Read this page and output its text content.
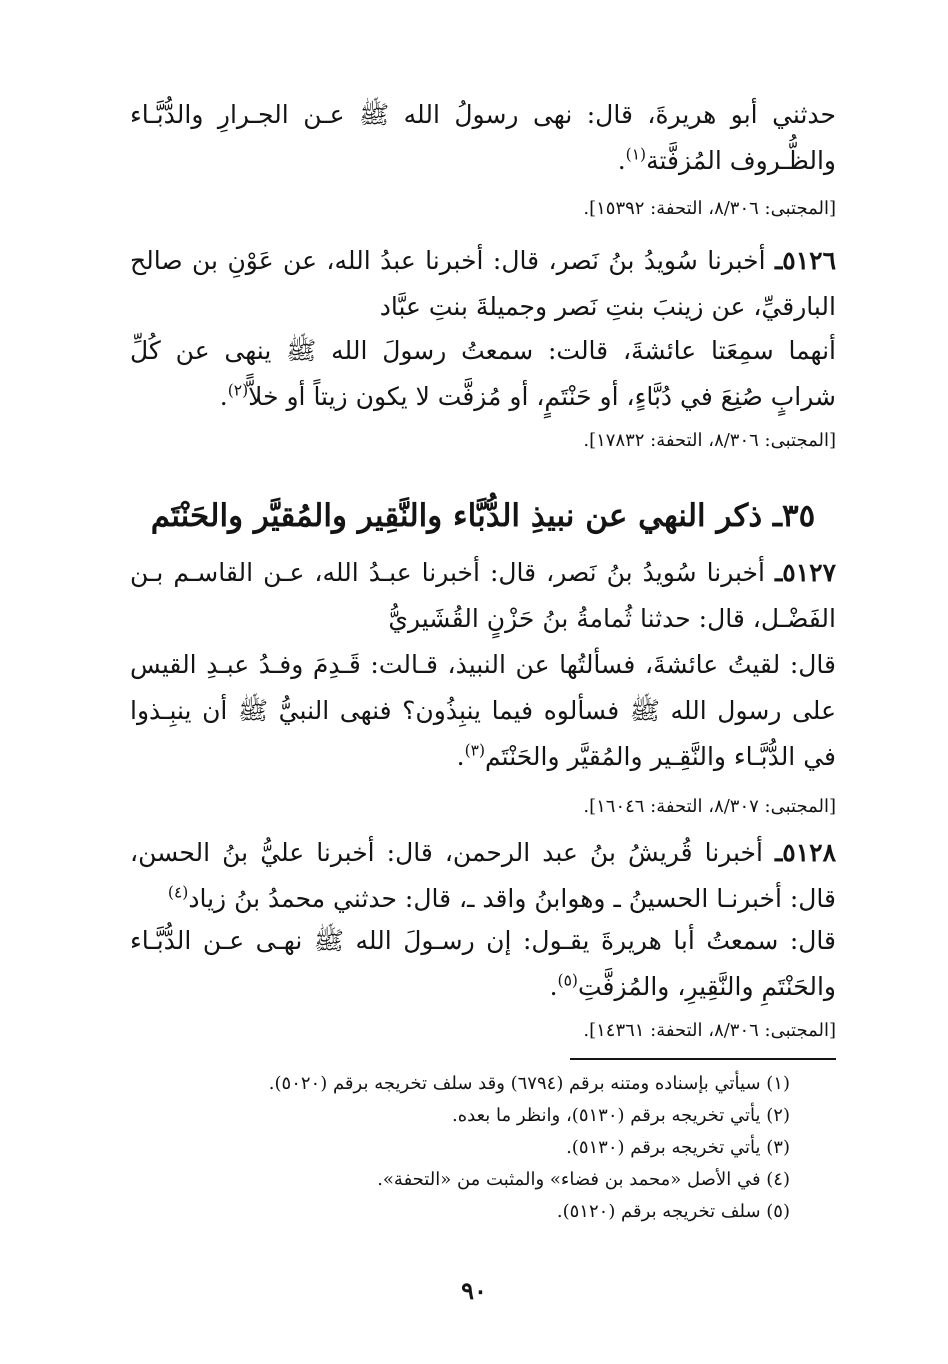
حدثني أبو هريرةَ، قال: نهى رسولُ الله ﷺ عـن الجـرارِ والدُّبَّـاء والظُّـروف المُزفَّتة$^{(١)}$.

[المجتبى: ٨/٣٠٦، التحفة: ١٥٣٩٢].

٥١٢٦ـ أخبرنا سُويدُ بنُ نَصر، قال: أخبرنا عبدُ الله، عن عَوْنِ بن صالح البارقيِّ، عن زينبَ بنتِ نَصر وجميلةَ بنتِ عبَّاد

أنهما سمِعَتا عائشةَ، قالت: سمعتُ رسولَ الله ﷺ ينهى عن كُلِّ شرابٍ صُنِعَ في دُبَّاءٍ، أو حَنْتَمٍ، أو مُزفَّت لا يكون زيتاً أو خلاًّ$^{(٢)}$.

[المجتبى: ٨/٣٠٦، التحفة: ١٧٨٣٢].

٣٥ـ ذكر النهي عن نبيذِ الدُّبَّاء والنَّقِير والمُقيَّر والحَنْتَم

٥١٢٧ـ أخبرنا سُويدُ بنُ نَصر، قال: أخبرنا عبـدُ الله، عـن القاسـم بـن الفَضْـل، قال: حدثنا ثُمامةُ بنُ حَزْنٍ القُشَيريُّ

قال: لقيتُ عائشةَ، فسألتُها عن النبيذ، قـالت: قَـدِمَ وفـدُ عبـدِ القيس على رسول الله ﷺ فسألوه فيما ينبِذُون؟ فنهى النبيُّ ﷺ أن ينبِـذوا في الدُّبَّـاء والنَّقِـير والمُقيَّر والحَنْتَم$^{(٣)}$.

[المجتبى: ٨/٣٠٧، التحفة: ١٦٠٤٦].

٥١٢٨ـ أخبرنا قُريشُ بنُ عبد الرحمن، قال: أخبرنا عليُّ بنُ الحسن، قال: أخبرنـا الحسينُ ـ وهوابنُ واقد ـ، قال: حدثني محمدُ بنُ زياد$^{(٤)}$

قال: سمعتُ أبا هريرةَ يقـول: إن رسـولَ الله ﷺ نهـى عـن الدُّبَّـاء والحَنْتَمِ والنَّقِيرِ، والمُزفَّتِ$^{(٥)}$.

[المجتبى: ٨/٣٠٦، التحفة: ١٤٣٦١].

(١) سيأتي بإسناده ومتنه برقم (٦٧٩٤) وقد سلف تخريجه برقم (٥٠٢٠).
(٢) يأتي تخريجه برقم (٥١٣٠)، وانظر ما بعده.
(٣) يأتي تخريجه برقم (٥١٣٠).
(٤) في الأصل «محمد بن فضاء» والمثبت من «التحفة».
(٥) سلف تخريجه برقم (٥١٢٠).
٩٠
